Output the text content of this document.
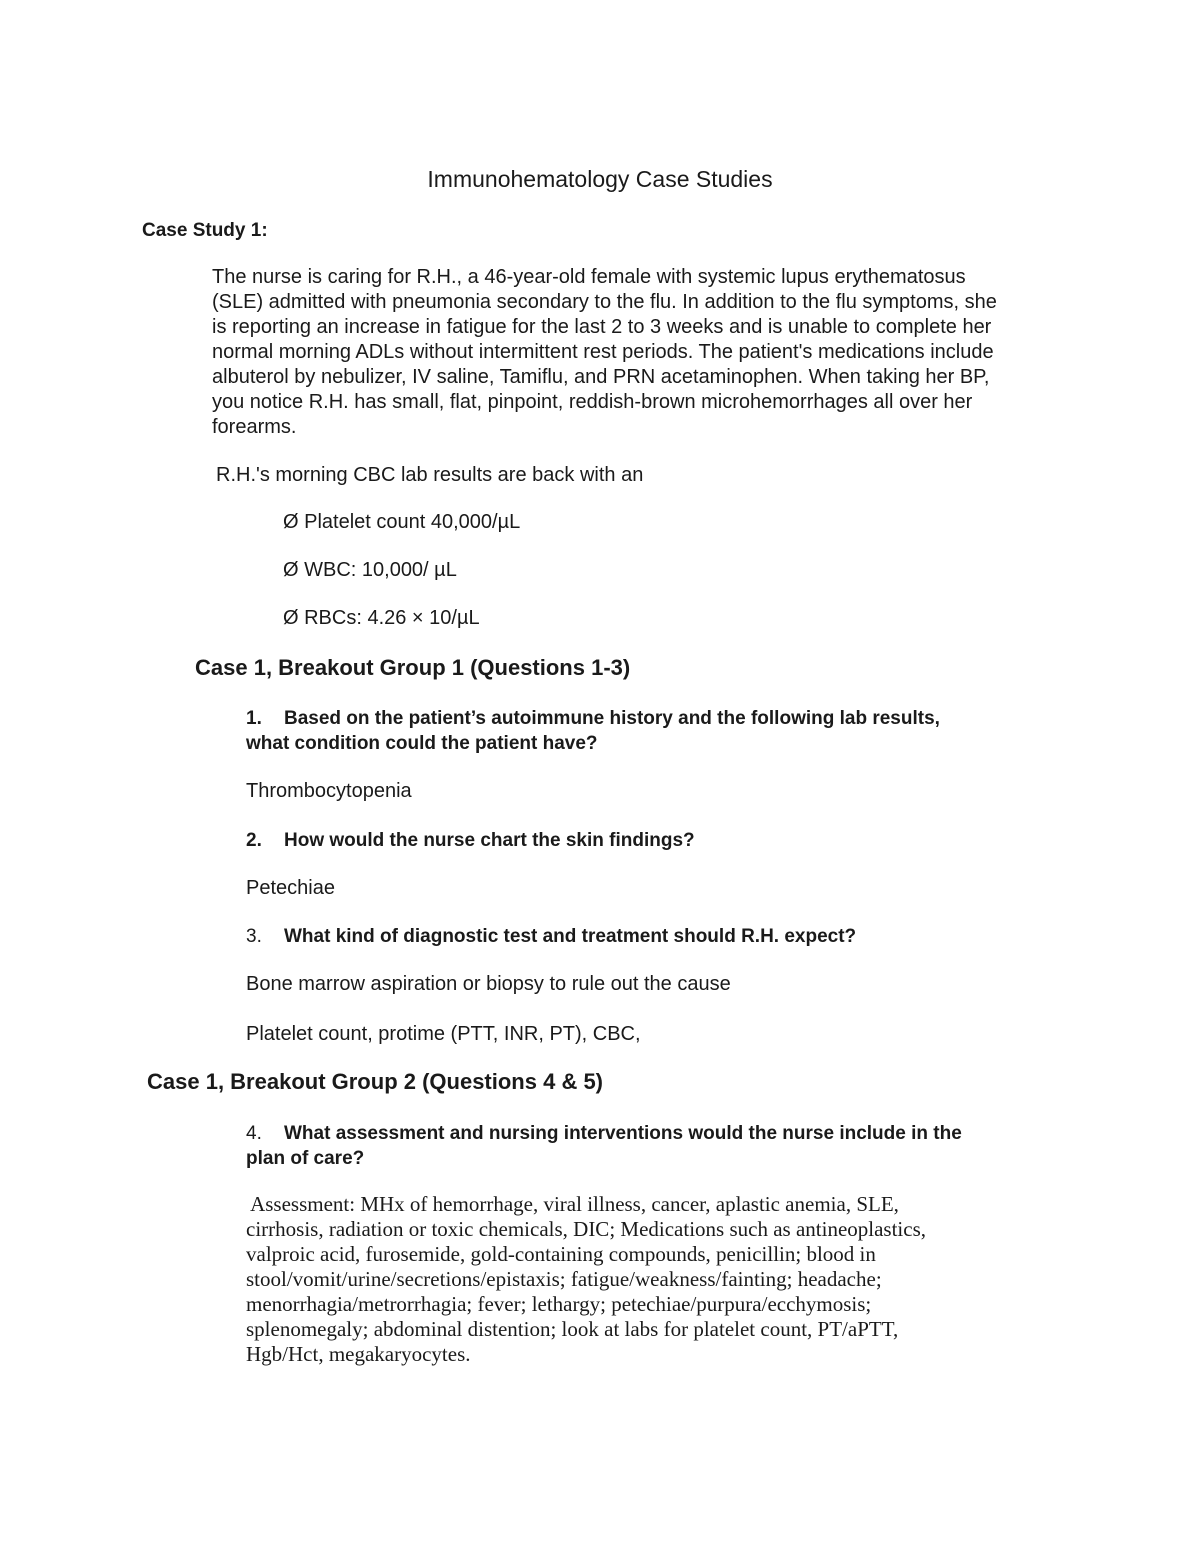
Immunohematology Case Studies
Case Study 1:
The nurse is caring for R.H., a 46-year-old female with systemic lupus erythematosus
(SLE) admitted with pneumonia secondary to the flu. In addition to the flu symptoms, she
is reporting an increase in fatigue for the last 2 to 3 weeks and is unable to complete her
normal morning ADLs without intermittent rest periods. The patient's medications include
albuterol by nebulizer, IV saline, Tamiflu, and PRN acetaminophen. When taking her BP,
you notice R.H. has small, flat, pinpoint, reddish-brown microhemorrhages all over her
forearms.
R.H.'s morning CBC lab results are back with an
Ø Platelet count 40,000/µL
Ø WBC: 10,000/ µL
Ø RBCs: 4.26 × 10/µL
Case 1, Breakout Group 1 (Questions 1-3)
1. Based on the patient’s autoimmune history and the following lab results,
what condition could the patient have?
Thrombocytopenia
2. How would the nurse chart the skin findings?
Petechiae
3. What kind of diagnostic test and treatment should R.H. expect?
Bone marrow aspiration or biopsy to rule out the cause
Platelet count, protime (PTT, INR, PT), CBC,
Case 1, Breakout Group 2 (Questions 4 & 5)
4. What assessment and nursing interventions would the nurse include in the
plan of care?
Assessment: MHx of hemorrhage, viral illness, cancer, aplastic anemia, SLE,
cirrhosis, radiation or toxic chemicals, DIC; Medications such as antineoplastics,
valproic acid, furosemide, gold-containing compounds, penicillin; blood in
stool/vomit/urine/secretions/epistaxis; fatigue/weakness/fainting; headache;
menorrhagia/metrorrhagia; fever; lethargy; petechiae/purpura/ecchymosis;
splenomegaly; abdominal distention; look at labs for platelet count, PT/aPTT,
Hgb/Hct, megakaryocytes.
